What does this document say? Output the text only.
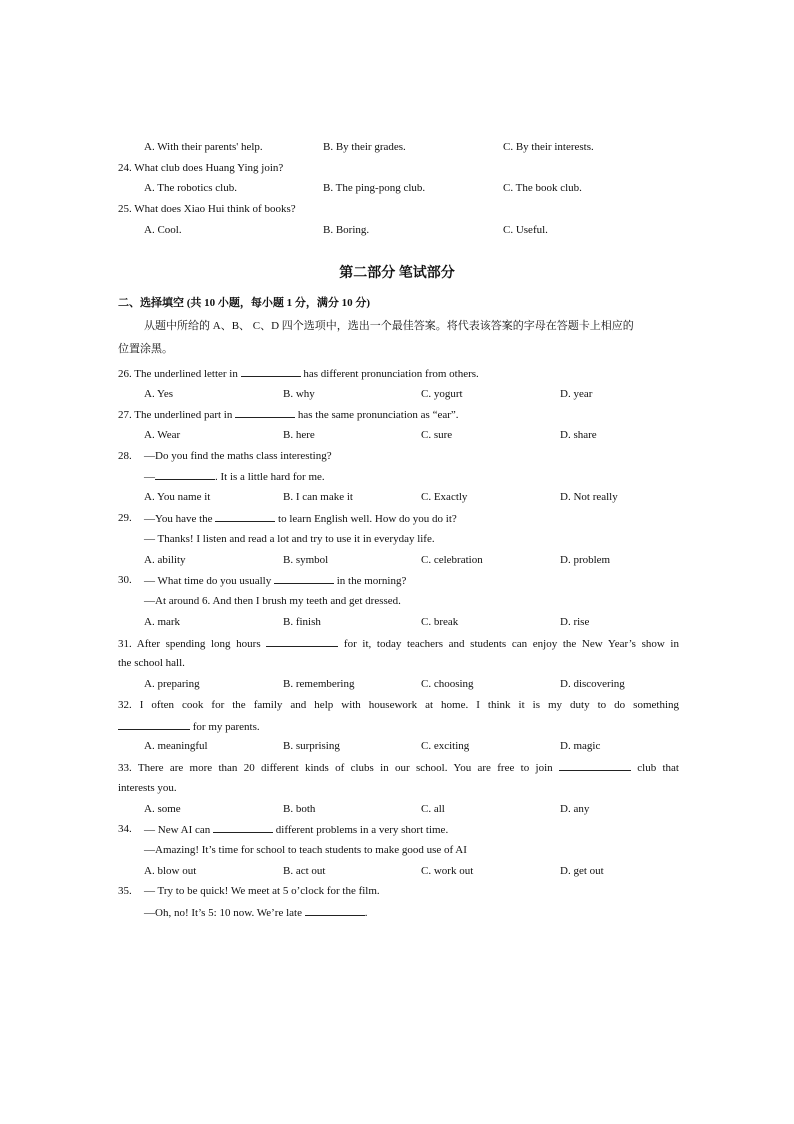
A. With their parents' help.	B. By their grades.	C. By their interests.
24. What club does Huang Ying join?
A. The robotics club.	B. The ping-pong club.	C. The book club.
25. What does Xiao Hui think of books?
A. Cool.	B. Boring.	C. Useful.
第二部分 笔试部分
二、选择填空 (共 10 小题，每小题 1 分，满分 10 分)
从题中所给的 A、B、 C、D 四个选项中，选出一个最佳答案。将代表该答案的字母在答题卡上相应的
位置涂黑。
26. The underlined letter in	has different pronunciation from others.
A. Yes	B. why	C. yogurt	D. year
27. The underlined part in	has the same pronunciation as “ear”.
A. Wear	B. here	C. sure	D. share
28. —Do you find the maths class interesting?
—	. It is a little hard for me.
A. You name it	B. I can make it	C. Exactly	D. Not really
29. —You have the	to learn English well. How do you do it?
— Thanks! I listen and read a lot and try to use it in everyday life.
A. ability	B. symbol	C. celebration	D. problem
30. — What time do you usually	in the morning?
—At around 6. And then I brush my teeth and get dressed.
A. mark	B. finish	C. break	D. rise
31. After spending long hours	for it, today teachers and students can enjoy the New Year’s show in
the school hall.
A. preparing	B. remembering	C. choosing	D. discovering
32. I often cook for the family and help with housework at home. I think it is my duty to do something
for my parents.
A. meaningful	B. surprising	C. exciting	D. magic
33. There are more than 20 different kinds of clubs in our school. You are free to join	club that
interests you.
A. some	B. both	C. all	D. any
34. — New AI can	different problems in a very short time.
—Amazing! It’s time for school to teach students to make good use of AI
A. blow out	B. act out	C. work out	D. get out
35. — Try to be quick! We meet at 5 o’clock for the film.
—Oh, no! It’s 5: 10 now. We’re late	.
